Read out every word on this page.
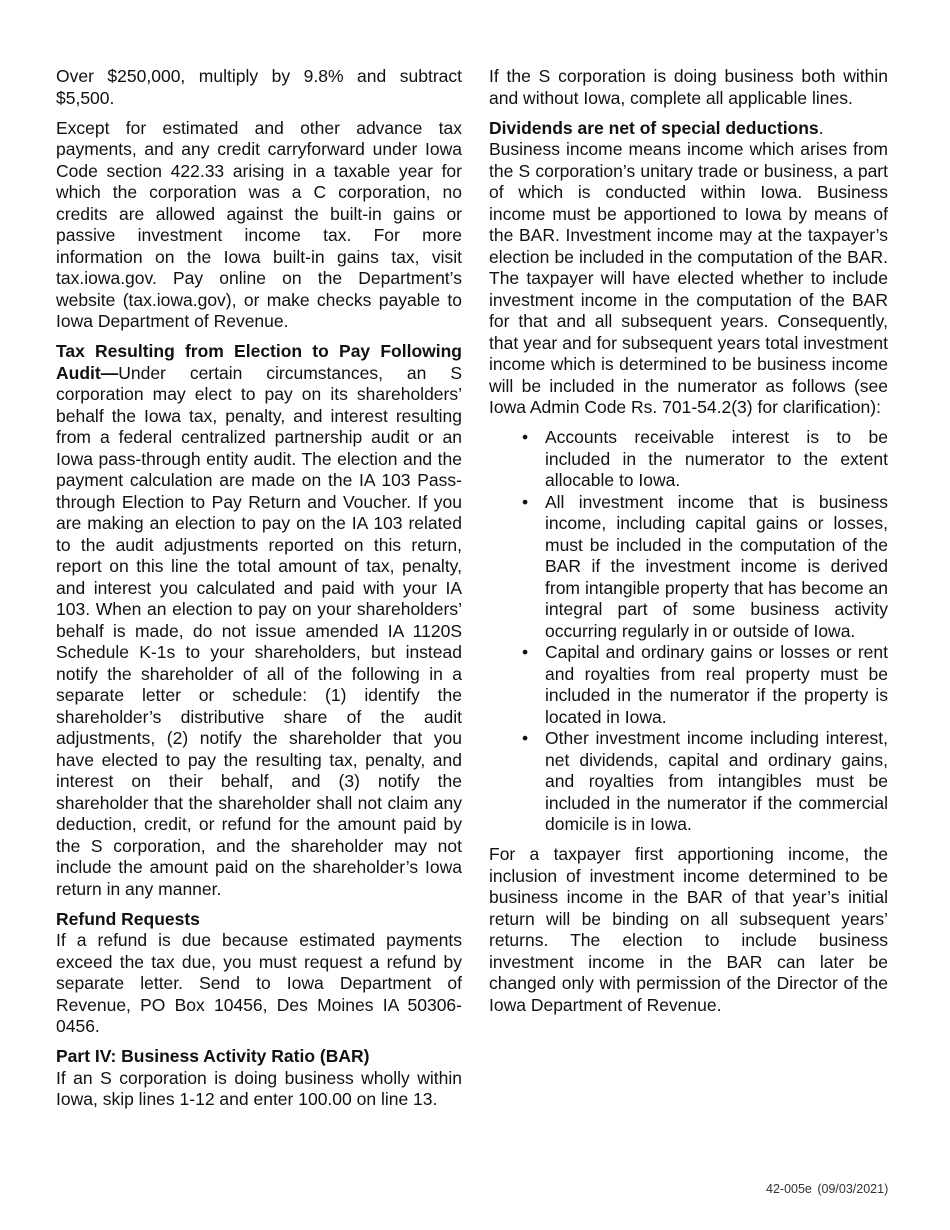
Over $250,000, multiply by 9.8% and subtract $5,500.

Except for estimated and other advance tax payments, and any credit carryforward under Iowa Code section 422.33 arising in a taxable year for which the corporation was a C corporation, no credits are allowed against the built-in gains or passive investment income tax. For more information on the Iowa built-in gains tax, visit tax.iowa.gov. Pay online on the Department’s website (tax.iowa.gov), or make checks payable to Iowa Department of Revenue.

Tax Resulting from Election to Pay Following Audit—Under certain circumstances, an S corporation may elect to pay on its shareholders’ behalf the Iowa tax, penalty, and interest resulting from a federal centralized partnership audit or an Iowa pass-through entity audit. The election and the payment calculation are made on the IA 103 Pass-through Election to Pay Return and Voucher. If you are making an election to pay on the IA 103 related to the audit adjustments reported on this return, report on this line the total amount of tax, penalty, and interest you calculated and paid with your IA 103. When an election to pay on your shareholders’ behalf is made, do not issue amended IA 1120S Schedule K-1s to your shareholders, but instead notify the shareholder of all of the following in a separate letter or schedule: (1) identify the shareholder’s distributive share of the audit adjustments, (2) notify the shareholder that you have elected to pay the resulting tax, penalty, and interest on their behalf, and (3) notify the shareholder that the shareholder shall not claim any deduction, credit, or refund for the amount paid by the S corporation, and the shareholder may not include the amount paid on the shareholder’s Iowa return in any manner.

Refund Requests

If a refund is due because estimated payments exceed the tax due, you must request a refund by separate letter. Send to Iowa Department of Revenue, PO Box 10456, Des Moines IA 50306-0456.

Part IV: Business Activity Ratio (BAR)

If an S corporation is doing business wholly within Iowa, skip lines 1-12 and enter 100.00 on line 13.

If the S corporation is doing business both within and without Iowa, complete all applicable lines.

Dividends are net of special deductions.

Business income means income which arises from the S corporation’s unitary trade or business, a part of which is conducted within Iowa. Business income must be apportioned to Iowa by means of the BAR. Investment income may at the taxpayer’s election be included in the computation of the BAR. The taxpayer will have elected whether to include investment income in the computation of the BAR for that and all subsequent years. Consequently, that year and for subsequent years total investment income which is determined to be business income will be included in the numerator as follows (see Iowa Admin Code Rs. 701-54.2(3) for clarification):

• Accounts receivable interest is to be included in the numerator to the extent allocable to Iowa.
• All investment income that is business income, including capital gains or losses, must be included in the computation of the BAR if the investment income is derived from intangible property that has become an integral part of some business activity occurring regularly in or outside of Iowa.
• Capital and ordinary gains or losses or rent and royalties from real property must be included in the numerator if the property is located in Iowa.
• Other investment income including interest, net dividends, capital and ordinary gains, and royalties from intangibles must be included in the numerator if the commercial domicile is in Iowa.

For a taxpayer first apportioning income, the inclusion of investment income determined to be business income in the BAR of that year’s initial return will be binding on all subsequent years’ returns. The election to include business investment income in the BAR can later be changed only with permission of the Director of the Iowa Department of Revenue.

42-005e (09/03/2021)
